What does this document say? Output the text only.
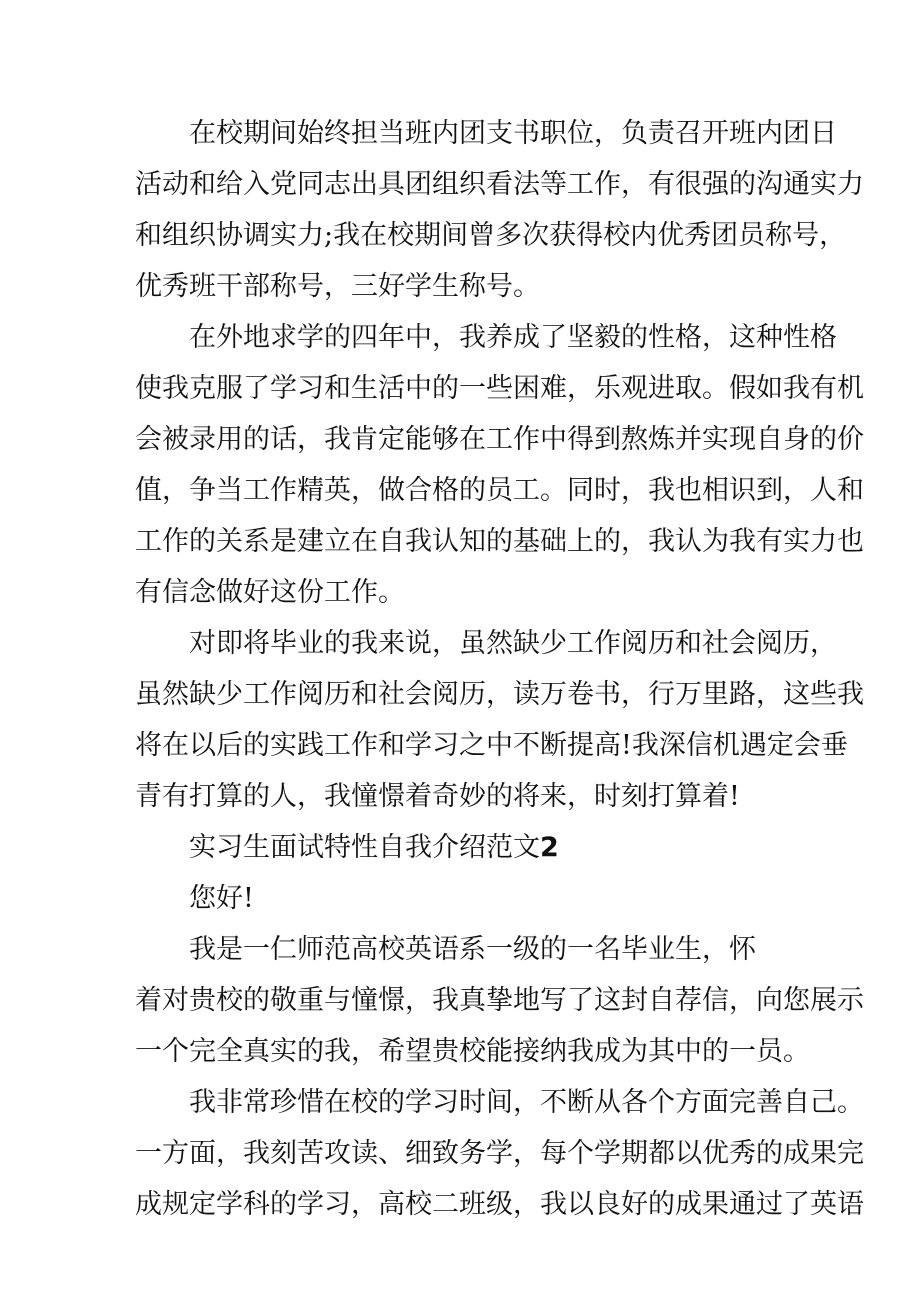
在校期间始终担当班内团支书职位，负责召开班内团日
活动和给入党同志出具团组织看法等工作，有很强的沟通实力
和组织协调实力;我在校期间曾多次获得校内优秀团员称号，
优秀班干部称号，三好学生称号。
在外地求学的四年中，我养成了坚毅的性格，这种性格
使我克服了学习和生活中的一些困难，乐观进取。假如我有机
会被录用的话，我肯定能够在工作中得到熬炼并实现自身的价
值，争当工作精英，做合格的员工。同时，我也相识到，人和
工作的关系是建立在自我认知的基础上的，我认为我有实力也
有信念做好这份工作。
对即将毕业的我来说，虽然缺少工作阅历和社会阅历，
虽然缺少工作阅历和社会阅历，读万卷书，行万里路，这些我
将在以后的实践工作和学习之中不断提高!我深信机遇定会垂
青有打算的人，我憧憬着奇妙的将来，时刻打算着!
实习生面试特性自我介绍范文2
您好!
我是一仁师范高校英语系一级的一名毕业生，怀
着对贵校的敬重与憧憬，我真挚地写了这封自荐信，向您展示
一个完全真实的我，希望贵校能接纳我成为其中的一员。
我非常珍惜在校的学习时间，不断从各个方面完善自己。
一方面，我刻苦攻读、细致务学，每个学期都以优秀的成果完
成规定学科的学习，高校二班级，我以良好的成果通过了英语
